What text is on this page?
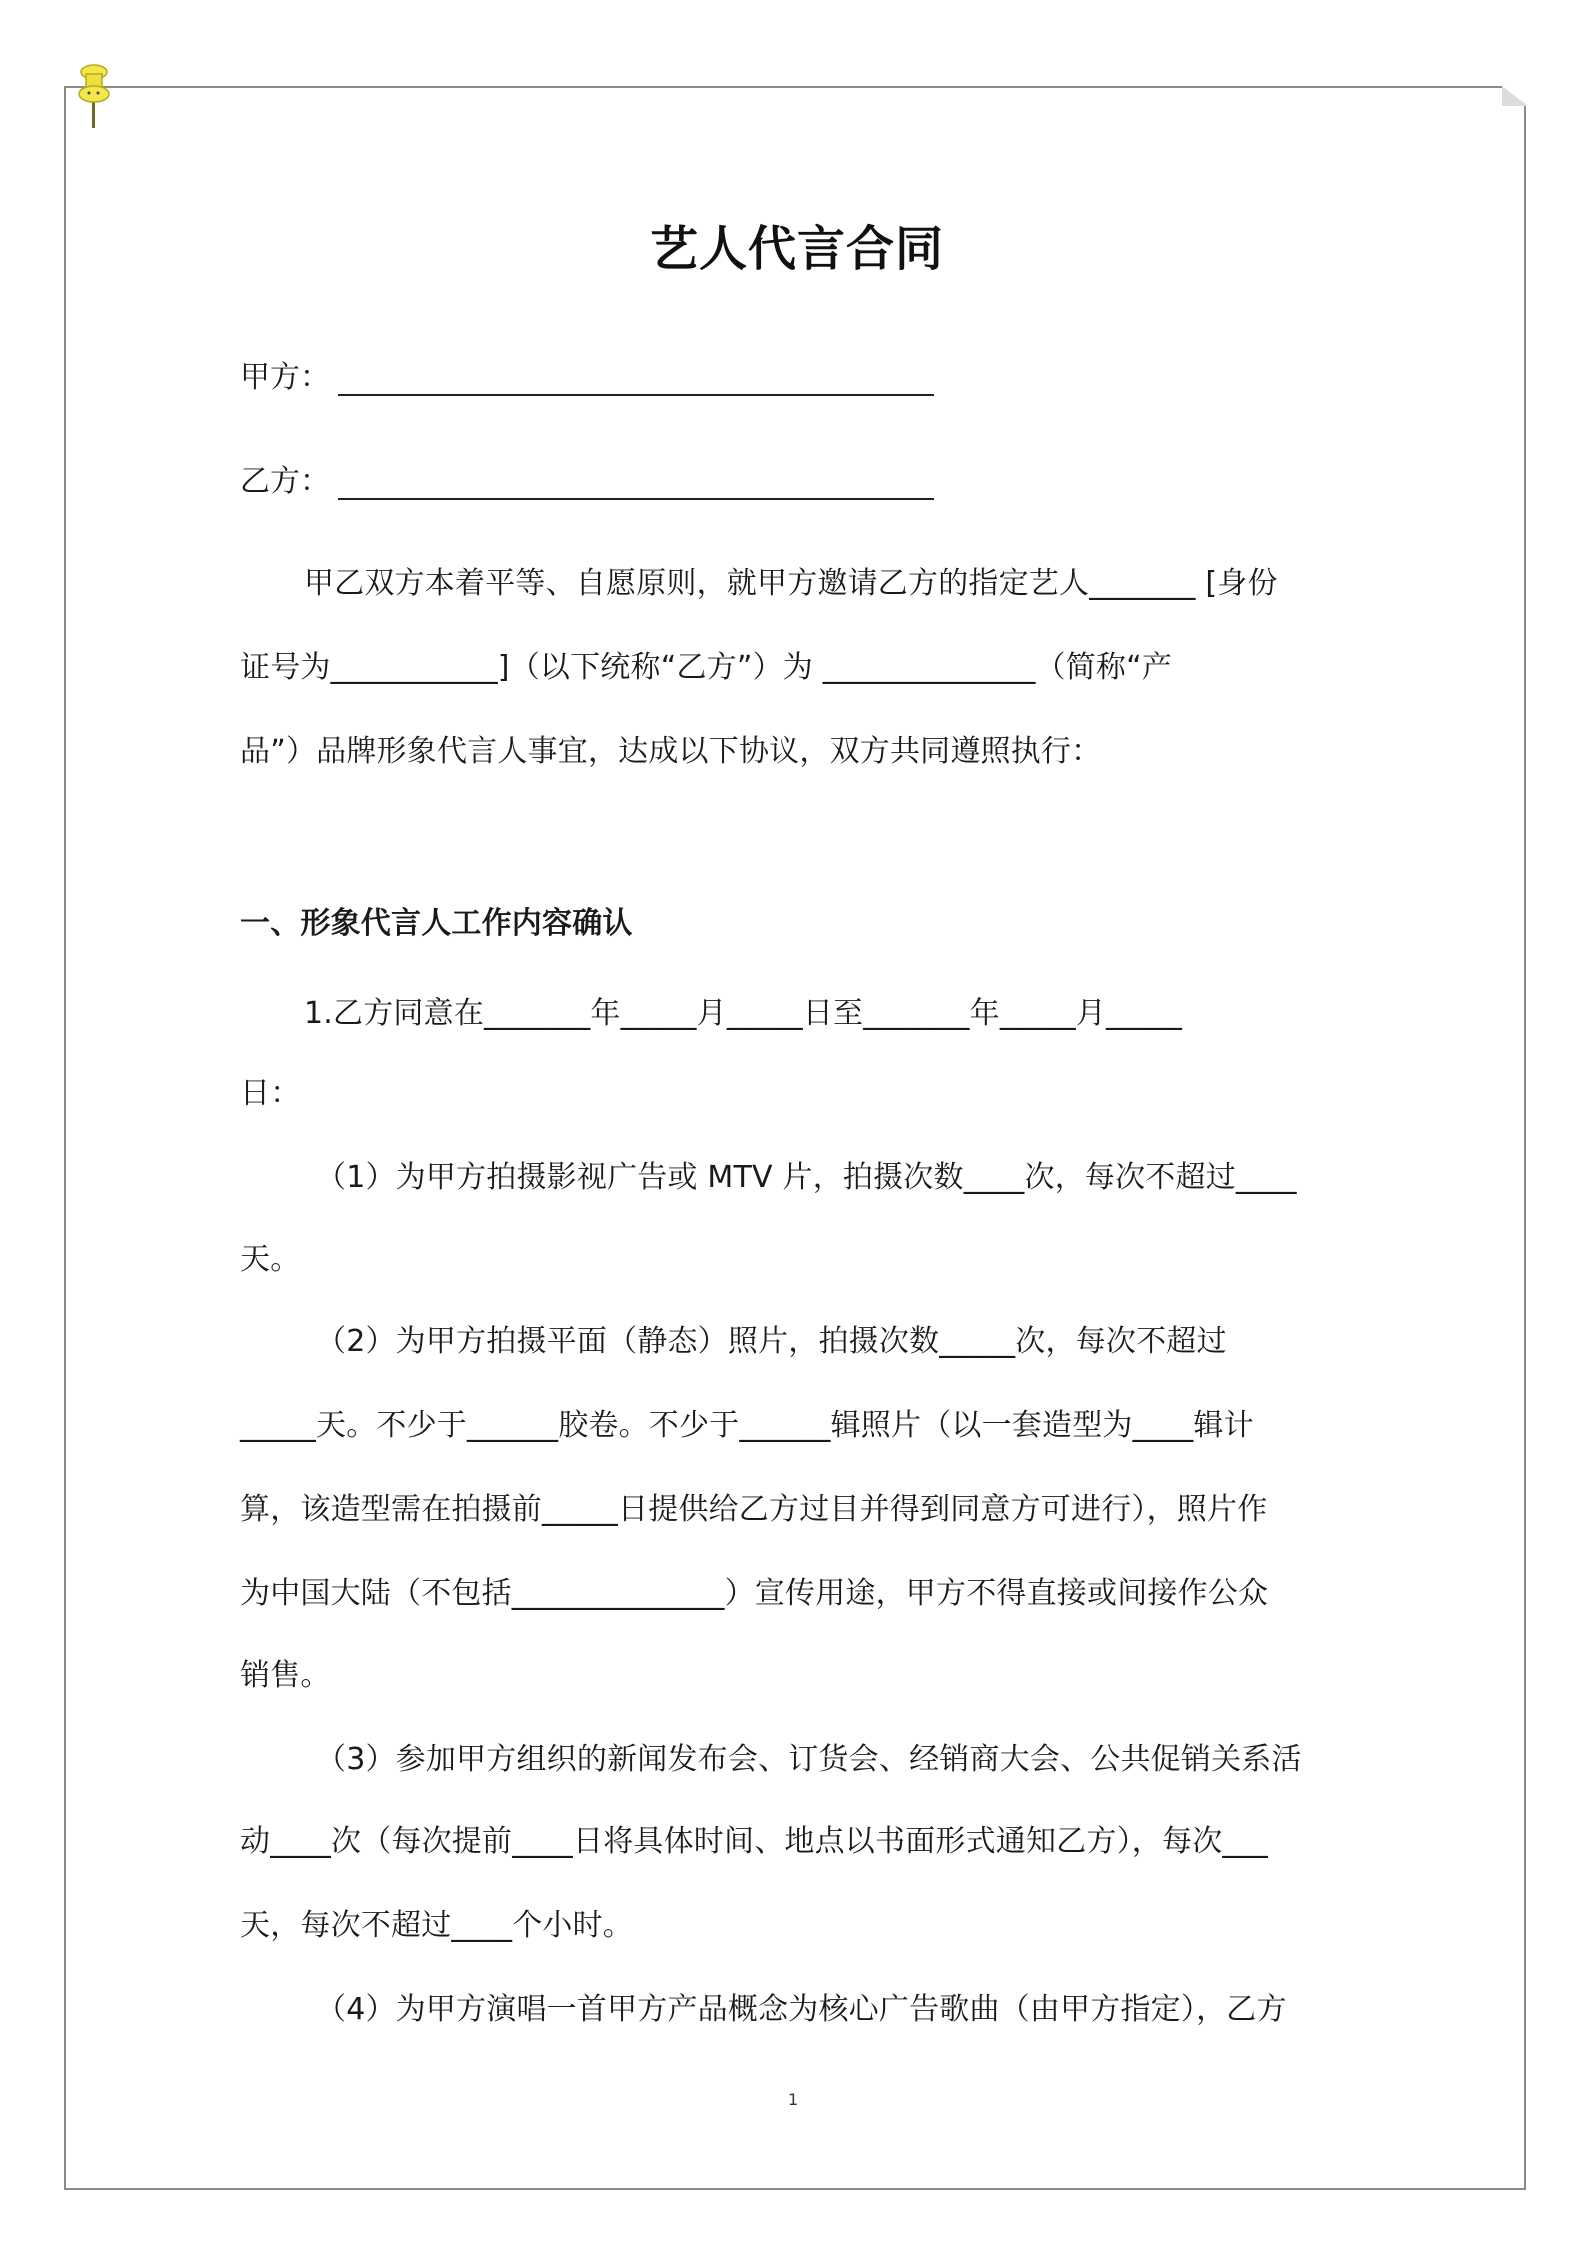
艺人代言合同
甲方：
乙方：
甲乙双方本着平等、自愿原则，就甲方邀请乙方的指定艺人_______ [身份
证号为___________]（以下统称“乙方”）为 ______________（简称“产
品”）品牌形象代言人事宜，达成以下协议，双方共同遵照执行：
一、形象代言人工作内容确认
1.乙方同意在_______年_____月_____日至_______年_____月_____
日：
（1）为甲方拍摄影视广告或 MTV 片，拍摄次数____次，每次不超过____
天。
（2）为甲方拍摄平面（静态）照片，拍摄次数_____次，每次不超过
_____天。不少于______胶卷。不少于______辑照片（以一套造型为____辑计
算，该造型需在拍摄前_____日提供给乙方过目并得到同意方可进行），照片作
为中国大陆（不包括______________）宣传用途，甲方不得直接或间接作公众
销售。
（3）参加甲方组织的新闻发布会、订货会、经销商大会、公共促销关系活
动____次（每次提前____日将具体时间、地点以书面形式通知乙方），每次___
天，每次不超过____个小时。
（4）为甲方演唱一首甲方产品概念为核心广告歌曲（由甲方指定），乙方
1
